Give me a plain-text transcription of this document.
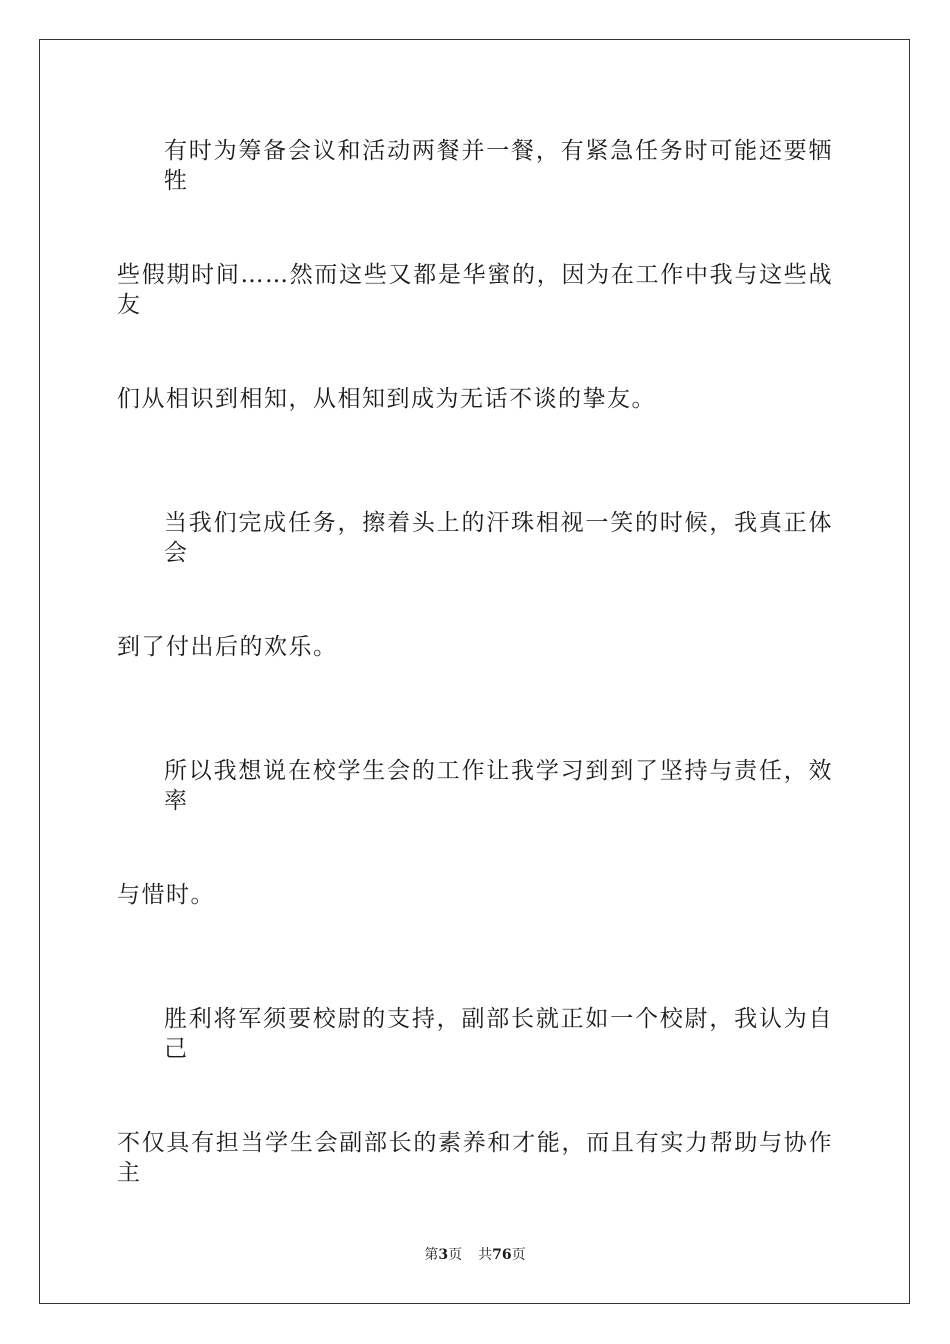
有时为筹备会议和活动两餐并一餐，有紧急任务时可能还要牺牲
些假期时间……然而这些又都是华蜜的，因为在工作中我与这些战友
们从相识到相知，从相知到成为无话不谈的挚友。
当我们完成任务，擦着头上的汗珠相视一笑的时候，我真正体会
到了付出后的欢乐。
所以我想说在校学生会的工作让我学习到到了坚持与责任，效率
与惜时。
胜利将军须要校尉的支持，副部长就正如一个校尉，我认为自己
不仅具有担当学生会副部长的素养和才能，而且有实力帮助与协作主
第3页 共76页
